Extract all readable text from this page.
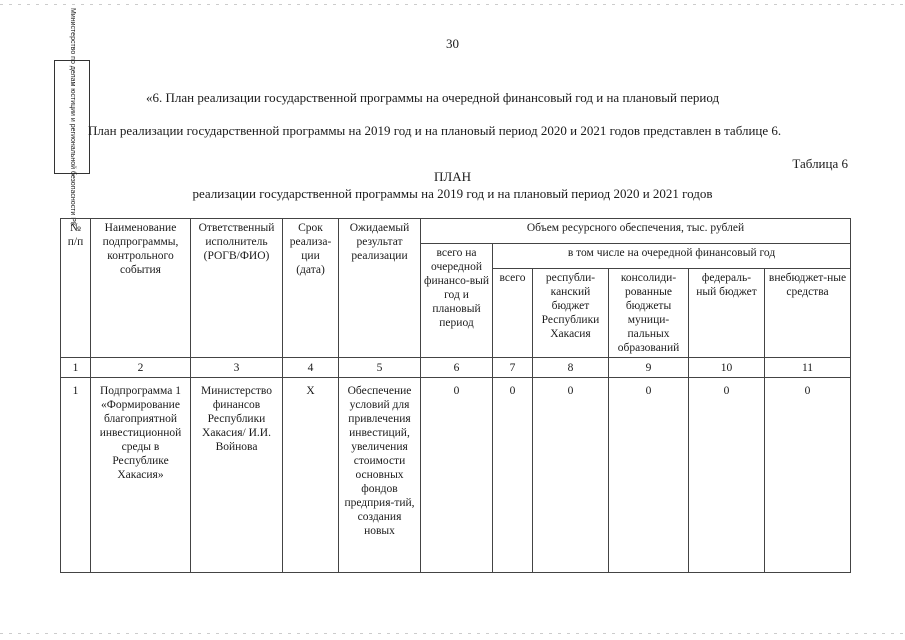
30
Министерство по делам юстиции и региональной безопасности РК	«6. План реализации государственной программы на очередной финансовый год и на плановый период
План реализации государственной программы на 2019 год и на плановый период 2020 и 2021 годов представлен в таблице 6.
Таблица 6
ПЛАН
реализации государственной программы на 2019 год и на плановый период 2020 и 2021 годов
№ п/п	Наименование подпрограммы, контрольного события	Ответственный исполнитель (РОГВ/ФИО)	Срок реализа-ции (дата)	Ожидаемый результат реализации	Объем ресурсного обеспечения, тыс. рублей					
					всего на очередной финансо-вый год и плановый период	в том числе на очередной финансовый год				
						всего	республи-канский бюджет Республики Хакасия	консолиди-рованные бюджеты муници-пальных образований	федераль-ный бюджет	внебюджет-ные средства
1	2	3	4	5	6	7	8	9	10	11
1	Подпрограмма 1 «Формирование благоприятной инвестиционной среды в Республике Хакасия»	Министерство финансов Республики Хакасия/ И.И. Войнова	Х	Обеспечение условий для привлечения инвестиций, увеличения стоимости основных фондов предприя-тий, создания новых	0	0	0	0	0	0
